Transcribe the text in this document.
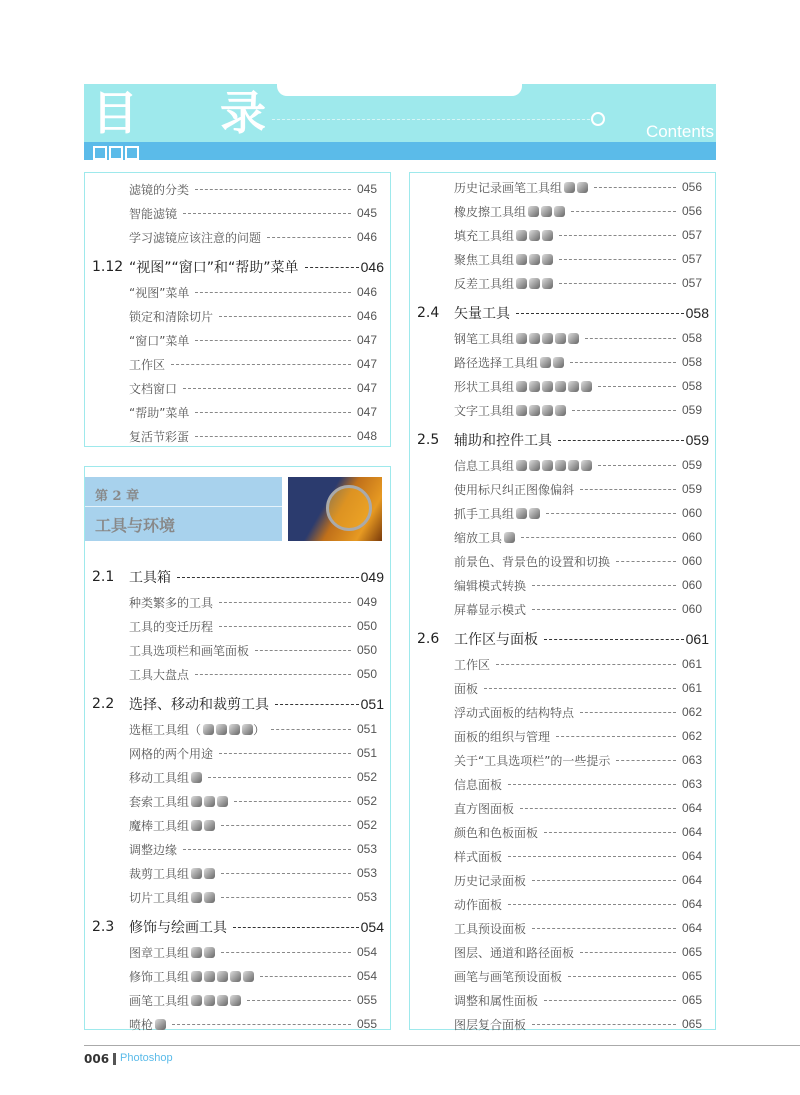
目 录	Contents
滤镜的分类	045
智能滤镜	045
学习滤镜应该注意的问题	046
1.12 “视图”“窗口”和“帮助”菜单	046
“视图”菜单	046
锁定和清除切片	046
“窗口”菜单	047
工作区	047
文档窗口	047
“帮助”菜单	047
复活节彩蛋	048
第 2 章
工具与环境
2.1	工具箱	049
种类繁多的工具	049
工具的变迁历程	050
工具选项栏和画笔面板	050
工具大盘点	050
2.2	选择、移动和裁剪工具	051
选框工具组（	）	051
网格的两个用途	051
移动工具组	052
套索工具组	052
魔棒工具组	052
调整边缘	053
裁剪工具组	053
切片工具组	053
2.3	修饰与绘画工具	054
图章工具组	054
修饰工具组	054
画笔工具组	055
喷枪	055
历史记录画笔工具组	056
橡皮擦工具组	056
填充工具组	057
聚焦工具组	057
反差工具组	057
2.4	矢量工具	058
钢笔工具组	058
路径选择工具组	058
形状工具组	058
文字工具组	059
2.5	辅助和控件工具	059
信息工具组	059
使用标尺纠正图像偏斜	059
抓手工具组	060
缩放工具	060
前景色、背景色的设置和切换	060
编辑模式转换	060
屏幕显示模式	060
2.6	工作区与面板	061
工作区	061
面板	061
浮动式面板的结构特点	062
面板的组织与管理	062
关于“工具选项栏”的一些提示	063
信息面板	063
直方图面板	064
颜色和色板面板	064
样式面板	064
历史记录面板	064
动作面板	064
工具预设面板	064
图层、通道和路径面板	065
画笔与画笔预设面板	065
调整和属性面板	065
图层复合面板	065
006 Photoshop
